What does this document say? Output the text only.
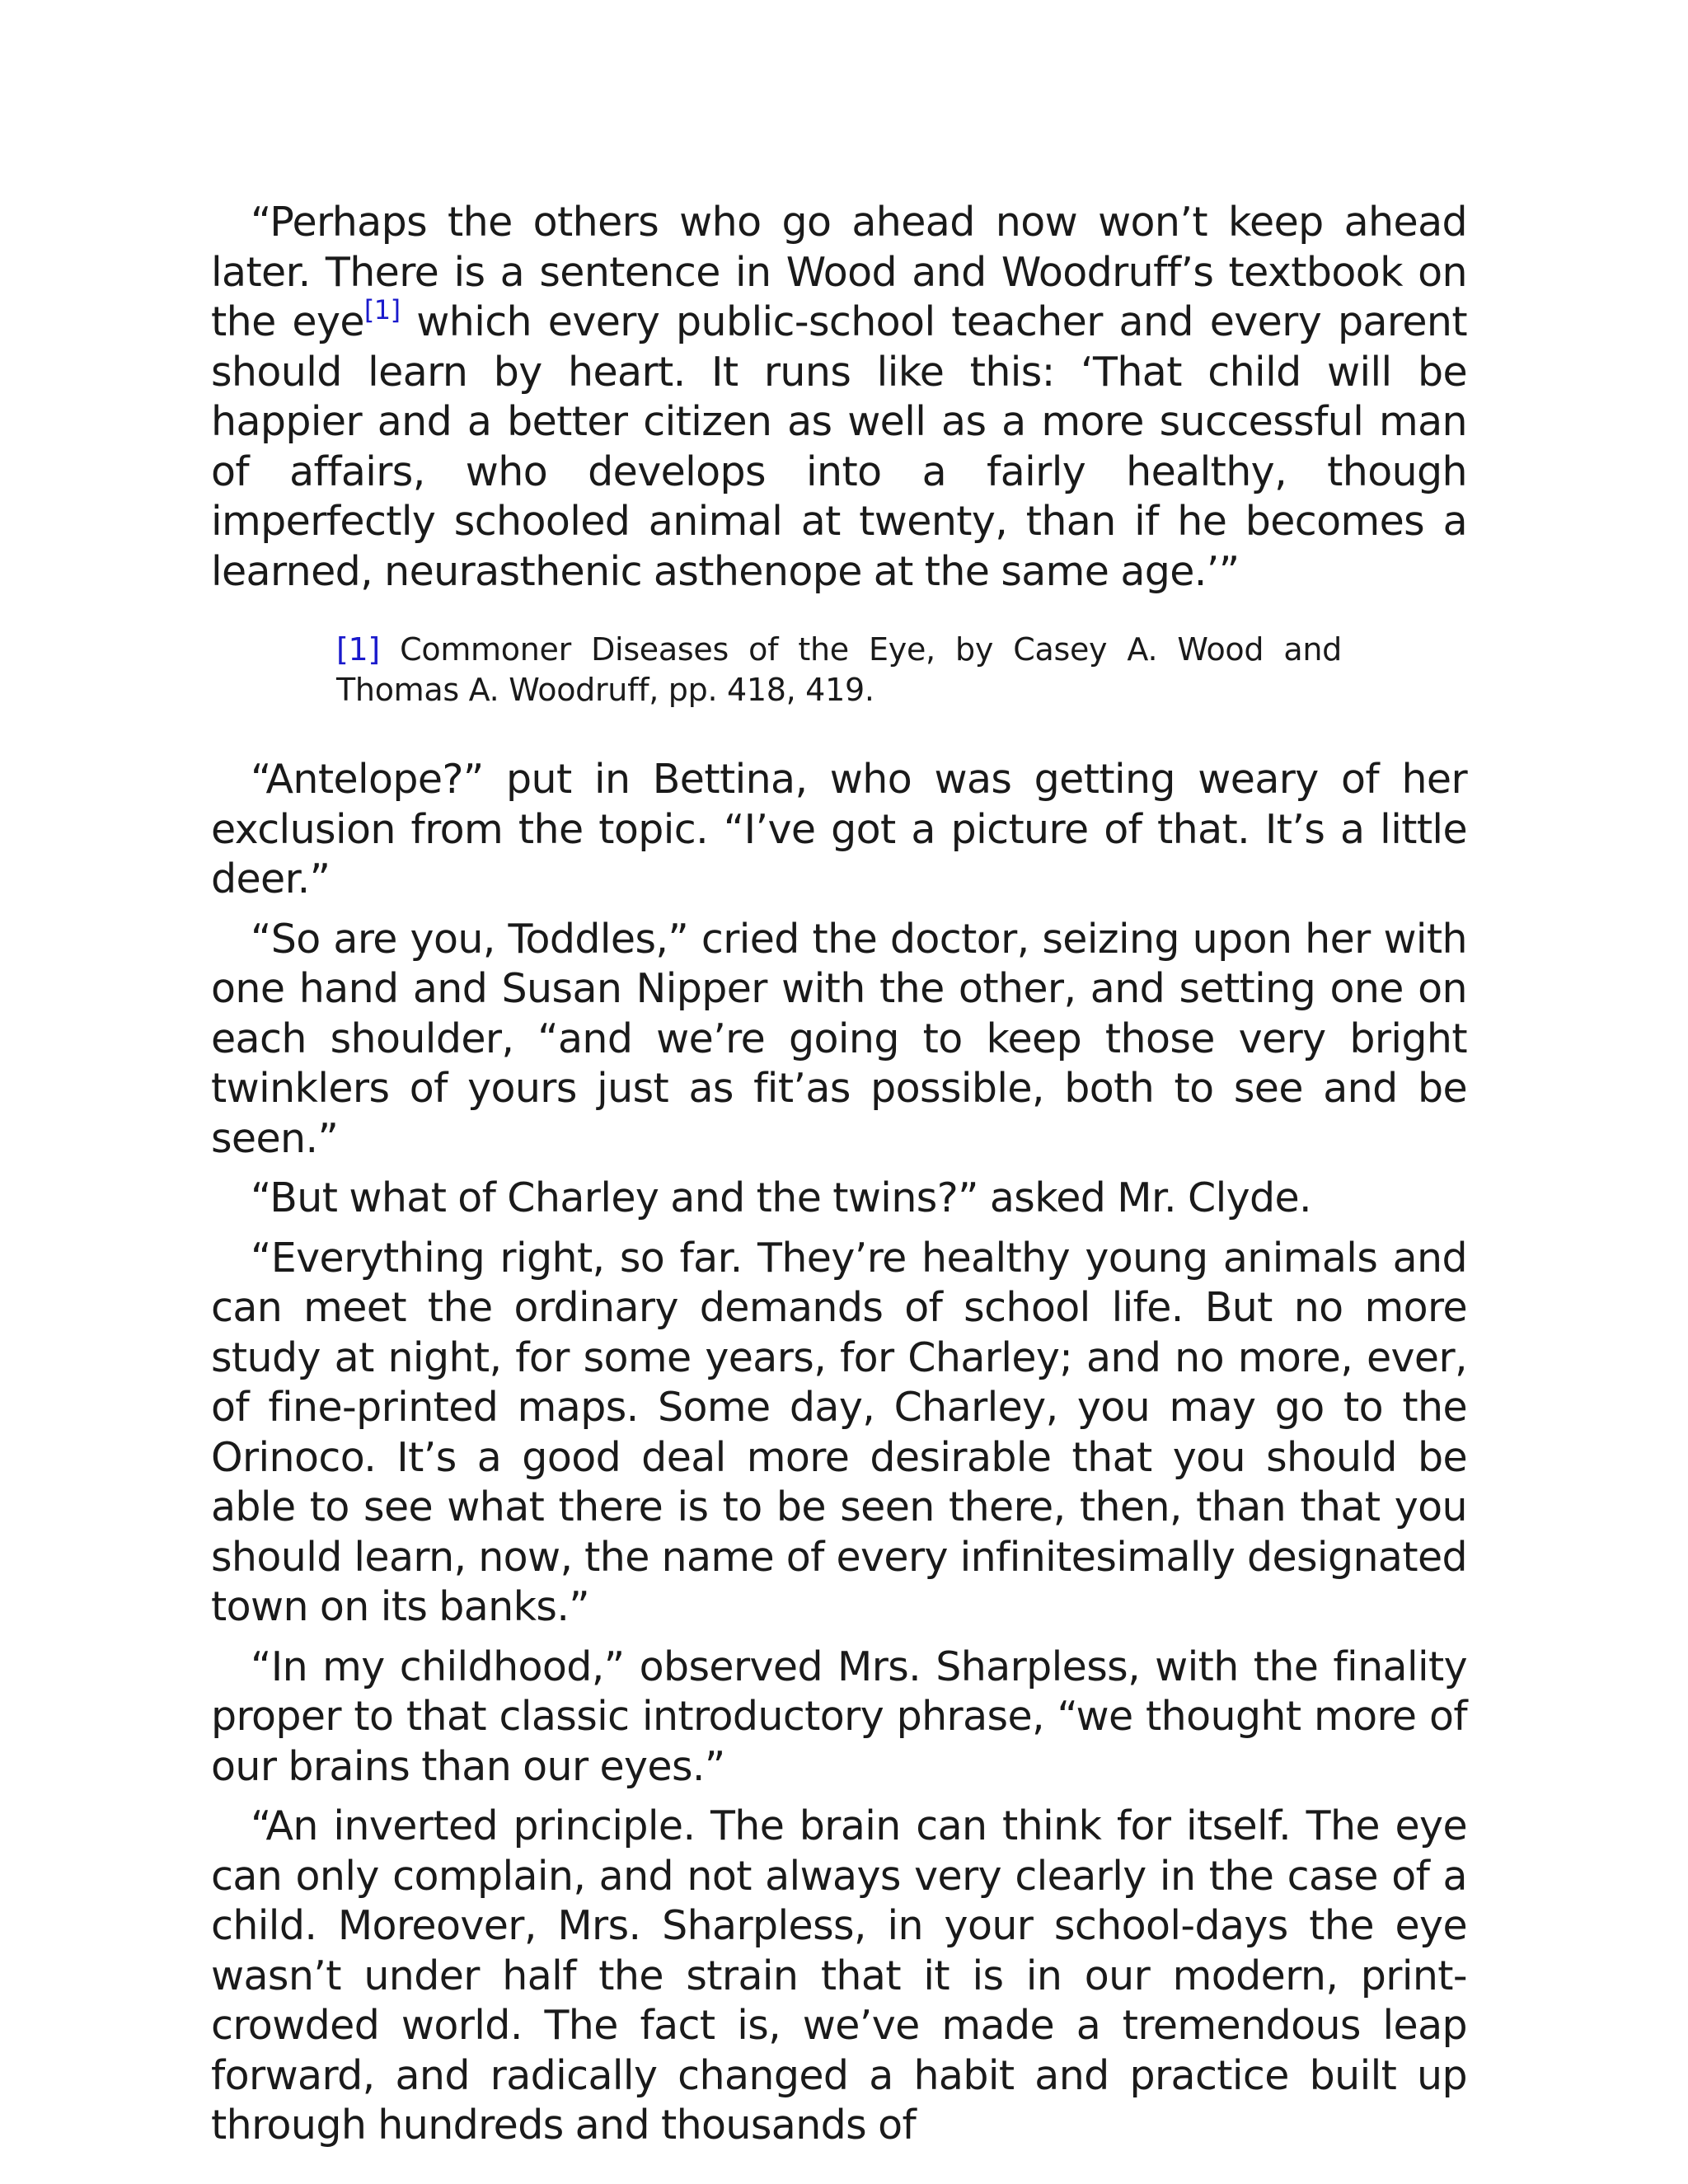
“Perhaps the others who go ahead now won’t keep ahead later. There is a sentence in Wood and Woodruff’s textbook on the eye[1] which every public-school teacher and every parent should learn by heart. It runs like this: ‘That child will be happier and a better citizen as well as a more successful man of affairs, who develops into a fairly healthy, though imperfectly schooled animal at twenty, than if he becomes a learned, neurasthenic asthenope at the same age.’”

[1] Commoner Diseases of the Eye, by Casey A. Wood and Thomas A. Woodruff, pp. 418, 419.

“Antelope?” put in Bettina, who was getting weary of her exclusion from the topic. “I’ve got a picture of that. It’s a little deer.”

“So are you, Toddles,” cried the doctor, seizing upon her with one hand and Susan Nipper with the other, and setting one on each shoulder, “and we’re going to keep those very bright twinklers of yours just as fit’as possible, both to see and be seen.”

“But what of Charley and the twins?” asked Mr. Clyde.

“Everything right, so far. They’re healthy young animals and can meet the ordinary demands of school life. But no more study at night, for some years, for Charley; and no more, ever, of fine-printed maps. Some day, Charley, you may go to the Orinoco. It’s a good deal more desirable that you should be able to see what there is to be seen there, then, than that you should learn, now, the name of every infinitesimally designated town on its banks.”

“In my childhood,” observed Mrs. Sharpless, with the finality proper to that classic introductory phrase, “we thought more of our brains than our eyes.”

“An inverted principle. The brain can think for itself. The eye can only complain, and not always very clearly in the case of a child. Moreover, Mrs. Sharpless, in your school-days the eye wasn’t under half the strain that it is in our modern, print-crowded world. The fact is, we’ve made a tremendous leap forward, and radically changed a habit and practice built up through hundreds and thousands of
